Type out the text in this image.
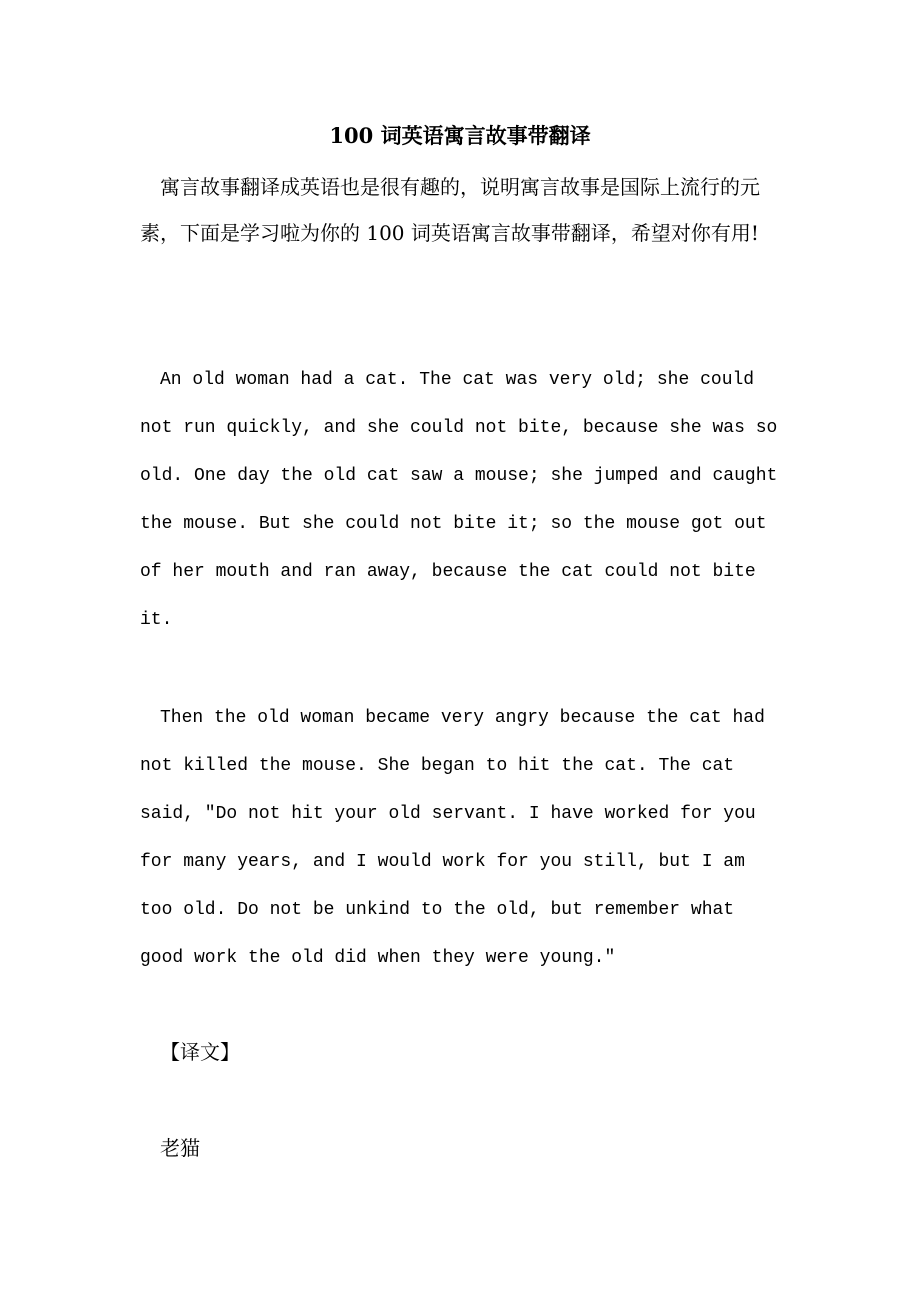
100 词英语寓言故事带翻译

寓言故事翻译成英语也是很有趣的，说明寓言故事是国际上流行的元素，下面是学习啦为你的 100 词英语寓言故事带翻译，希望对你有用!

An old woman had a cat. The cat was very old; she could not run quickly, and she could not bite, because she was so old. One day the old cat saw a mouse; she jumped and caught the mouse. But she could not bite it; so the mouse got out of her mouth and ran away, because the cat could not bite it.

Then the old woman became very angry because the cat had not killed the mouse. She began to hit the cat. The cat said, "Do not hit your old servant. I have worked for you for many years, and I would work for you still, but I am too old. Do not be unkind to the old, but remember what good work the old did when they were young."

【译文】

老猫
